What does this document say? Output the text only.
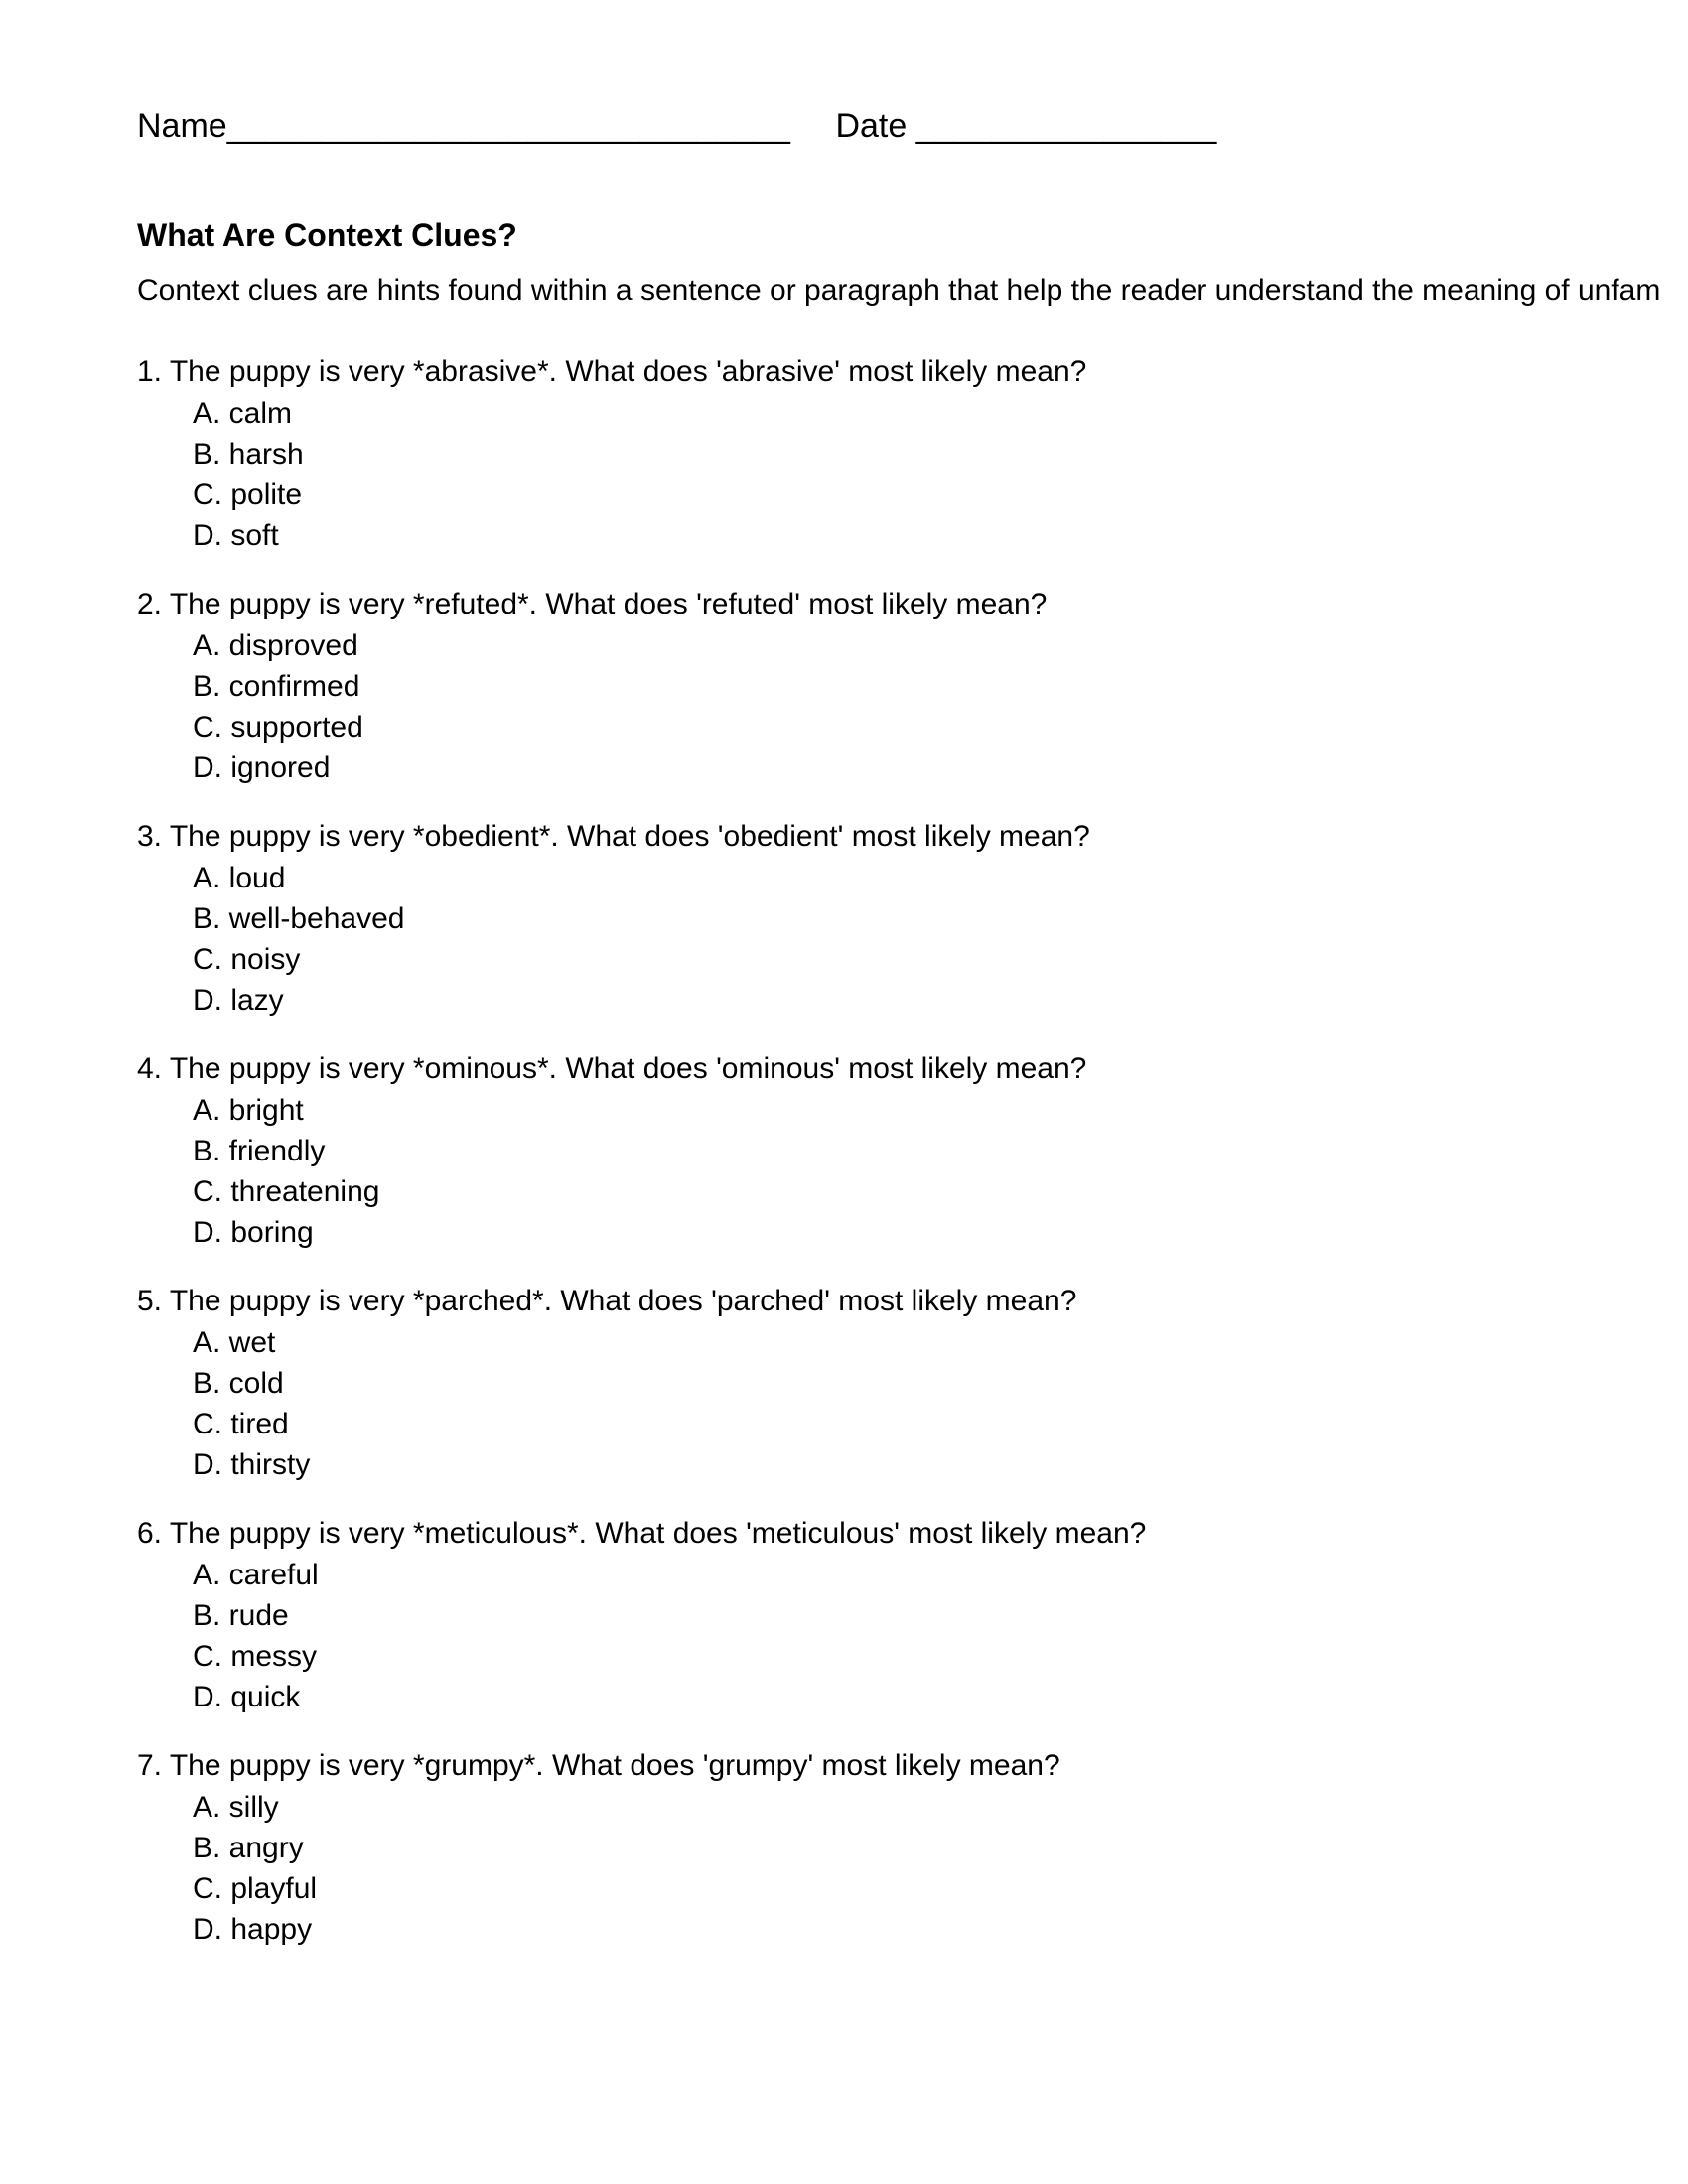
Name______________________________ Date ________________
What Are Context Clues?

Context clues are hints found within a sentence or paragraph that help the reader understand the meaning of unfam

1. The puppy is very *abrasive*. What does 'abrasive' most likely mean?
A. calm
B. harsh
C. polite
D. soft
2. The puppy is very *refuted*. What does 'refuted' most likely mean?
A. disproved
B. confirmed
C. supported
D. ignored
3. The puppy is very *obedient*. What does 'obedient' most likely mean?
A. loud
B. well-behaved
C. noisy
D. lazy
4. The puppy is very *ominous*. What does 'ominous' most likely mean?
A. bright
B. friendly
C. threatening
D. boring
5. The puppy is very *parched*. What does 'parched' most likely mean?
A. wet
B. cold
C. tired
D. thirsty
6. The puppy is very *meticulous*. What does 'meticulous' most likely mean?
A. careful
B. rude
C. messy
D. quick
7. The puppy is very *grumpy*. What does 'grumpy' most likely mean?
A. silly
B. angry
C. playful
D. happy
